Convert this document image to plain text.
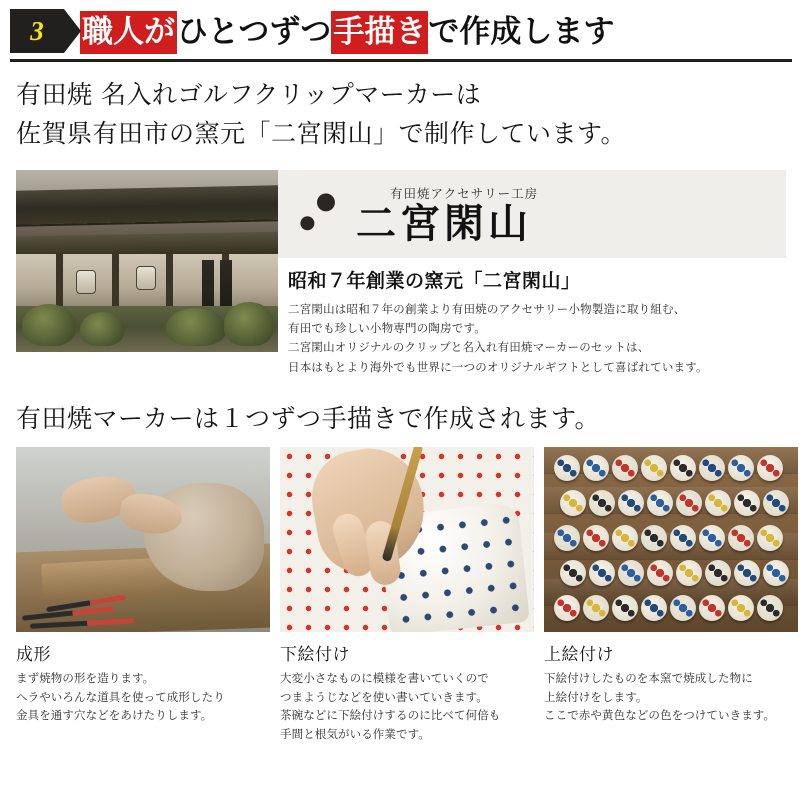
3 職人がひとつずつ手描きで作成します
有田焼 名入れゴルフクリップマーカーは
佐賀県有田市の窯元「二宮閑山」で制作しています。
有田焼アクセサリー工房
二宮閑山
昭和７年創業の窯元「二宮閑山」

二宮閑山は昭和７年の創業より有田焼のアクセサリー小物製造に取り組む、

有田でも珍しい小物専門の陶房です。

二宮閑山オリジナルのクリップと名入れ有田焼マーカーのセットは、

日本はもとより海外でも世界に一つのオリジナルギフトとして喜ばれています。

有田焼マーカーは１つずつ手描きで作成されます。
成形

まず焼物の形を造ります。

ヘラやいろんな道具を使って成形したり

金具を通す穴などをあけたりします。

下絵付け

大変小さなものに模様を書いていくので

つまようじなどを使い書いていきます。

茶碗などに下絵付けするのに比べて何倍も

手間と根気がいる作業です。

上絵付け

下絵付けしたものを本窯で焼成した物に

上絵付けをします。

ここで赤や黄色などの色をつけていきます。
